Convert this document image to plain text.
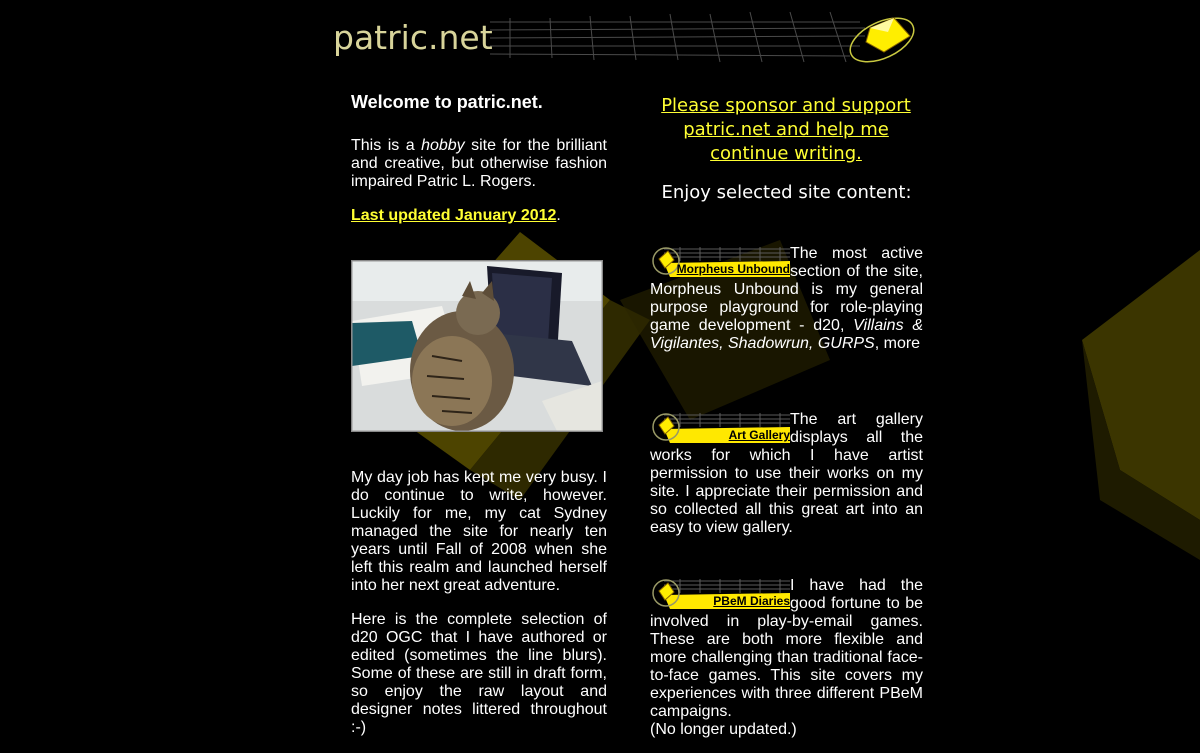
patric.net
Welcome to patric.net.

This is a hobby site for the brilliant and creative, but otherwise fashion impaired Patric L. Rogers.

Last updated January 2012.

My day job has kept me very busy. I do continue to write, however. Luckily for me, my cat Sydney managed the site for nearly ten years until Fall of 2008 when she left this realm and launched herself into her next great adventure.

Here is the complete selection of d20 OGC that I have authored or edited (sometimes the line blurs). Some of these are still in draft form, so enjoy the raw layout and designer notes littered throughout :-)

Please sponsor and support patric.net and help me continue writing.
Enjoy selected site content:
Morpheus Unbound
The most active section of the site, Morpheus Unbound is my general purpose playground for role-playing game development - d20, Villains & Vigilantes, Shadowrun, GURPS, more
Art Gallery
The art gallery displays all the works for which I have artist permission to use their works on my site. I appreciate their permission and so collected all this great art into an easy to view gallery.
PBeM Diaries
I have had the good fortune to be involved in play-by-email games. These are both more flexible and more challenging than traditional face-to-face games. This site covers my experiences with three different PBeM campaigns.
(No longer updated.)
